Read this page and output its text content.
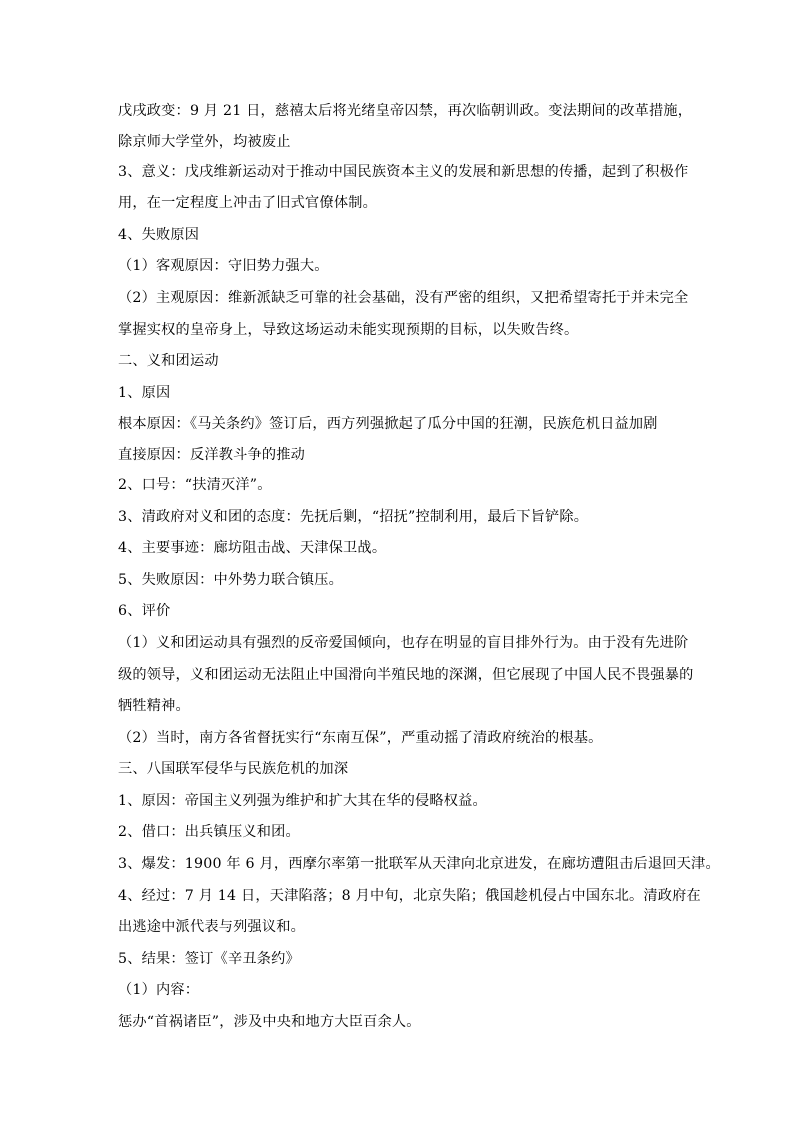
戊戌政变：9 月 21 日，慈禧太后将光绪皇帝囚禁，再次临朝训政。变法期间的改革措施，
除京师大学堂外，均被废止
3、意义：戊戌维新运动对于推动中国民族资本主义的发展和新思想的传播，起到了积极作
用，在一定程度上冲击了旧式官僚体制。
4、失败原因
（1）客观原因：守旧势力强大。
（2）主观原因：维新派缺乏可靠的社会基础，没有严密的组织，又把希望寄托于并未完全
掌握实权的皇帝身上，导致这场运动未能实现预期的目标，以失败告终。
二、义和团运动
1、原因
根本原因：《马关条约》签订后，西方列强掀起了瓜分中国的狂潮，民族危机日益加剧
直接原因：反洋教斗争的推动
2、口号：“扶清灭洋”。
3、清政府对义和团的态度：先抚后剿，“招抚”控制利用，最后下旨铲除。
4、主要事迹：廊坊阻击战、天津保卫战。
5、失败原因：中外势力联合镇压。
6、评价
（1）义和团运动具有强烈的反帝爱国倾向，也存在明显的盲目排外行为。由于没有先进阶
级的领导，义和团运动无法阻止中国滑向半殖民地的深渊，但它展现了中国人民不畏强暴的
牺牲精神。
（2）当时，南方各省督抚实行“东南互保”，严重动摇了清政府统治的根基。
三、八国联军侵华与民族危机的加深
1、原因：帝国主义列强为维护和扩大其在华的侵略权益。
2、借口：出兵镇压义和团。
3、爆发：1900 年 6 月，西摩尔率第一批联军从天津向北京进发，在廊坊遭阻击后退回天津。
4、经过：7 月 14 日，天津陷落；8 月中旬，北京失陷；俄国趁机侵占中国东北。清政府在
出逃途中派代表与列强议和。
5、结果：签订《辛丑条约》
（1）内容：
惩办“首祸诸臣”，涉及中央和地方大臣百余人。
